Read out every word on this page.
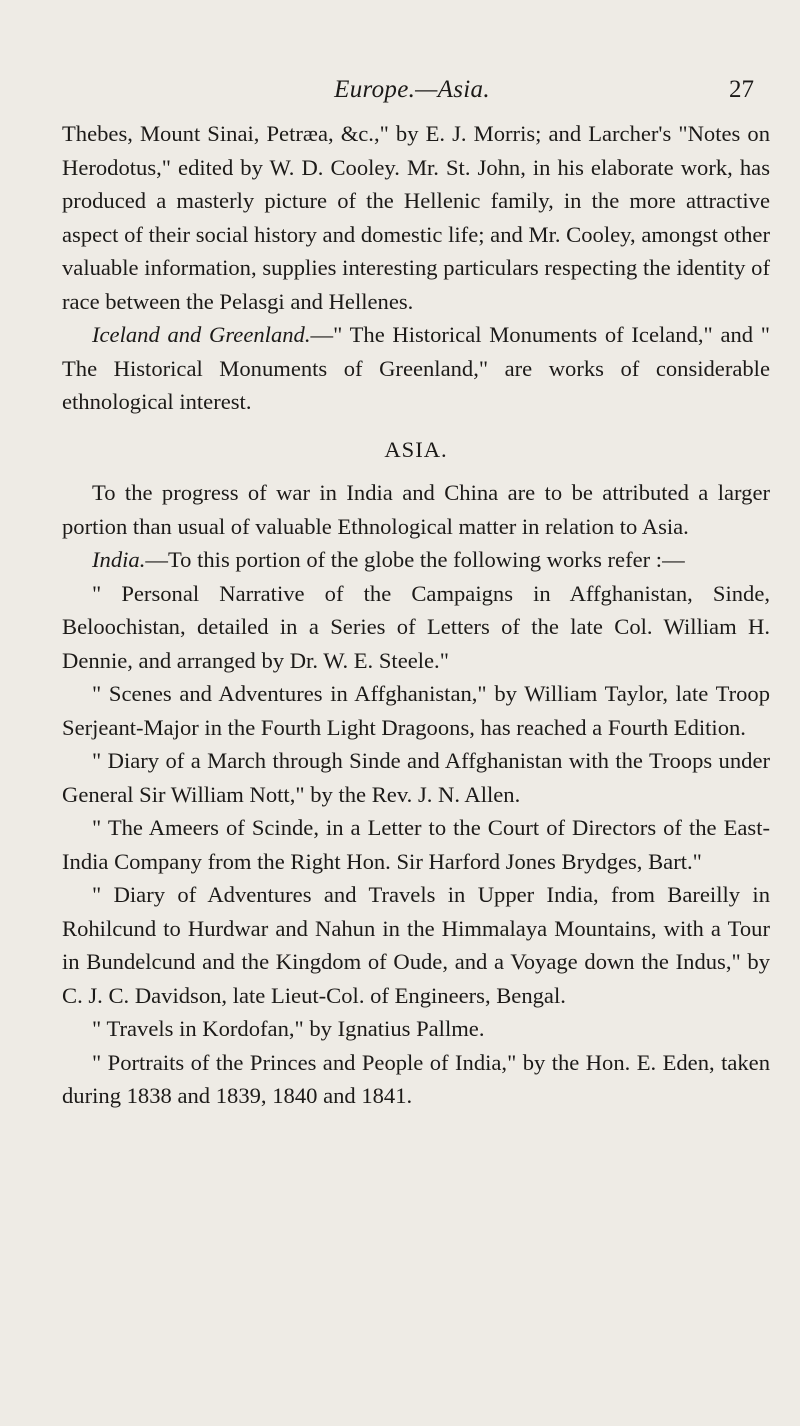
Europe.—Asia.	27

Thebes, Mount Sinai, Petræa, &c.," by E. J. Morris; and Larcher's "Notes on Herodotus," edited by W. D. Cooley. Mr. St. John, in his elaborate work, has produced a masterly picture of the Hellenic family, in the more attractive aspect of their social history and domestic life; and Mr. Cooley, amongst other valuable information, supplies interesting particulars respecting the identity of race between the Pelasgi and Hellenes.

Iceland and Greenland.—" The Historical Monuments of Iceland," and " The Historical Monuments of Greenland," are works of considerable ethnological interest.

ASIA.

To the progress of war in India and China are to be attributed a larger portion than usual of valuable Ethnological matter in relation to Asia.

India.—To this portion of the globe the following works refer :—

" Personal Narrative of the Campaigns in Affghanistan, Sinde, Beloochistan, detailed in a Series of Letters of the late Col. William H. Dennie, and arranged by Dr. W. E. Steele."

" Scenes and Adventures in Affghanistan," by William Taylor, late Troop Serjeant-Major in the Fourth Light Dragoons, has reached a Fourth Edition.

" Diary of a March through Sinde and Affghanistan with the Troops under General Sir William Nott," by the Rev. J. N. Allen.

" The Ameers of Scinde, in a Letter to the Court of Directors of the East-India Company from the Right Hon. Sir Harford Jones Brydges, Bart."

" Diary of Adventures and Travels in Upper India, from Bareilly in Rohilcund to Hurdwar and Nahun in the Himmalaya Mountains, with a Tour in Bundelcund and the Kingdom of Oude, and a Voyage down the Indus," by C. J. C. Davidson, late Lieut-Col. of Engineers, Bengal.

" Travels in Kordofan," by Ignatius Pallme.

" Portraits of the Princes and People of India," by the Hon. E. Eden, taken during 1838 and 1839, 1840 and 1841.
